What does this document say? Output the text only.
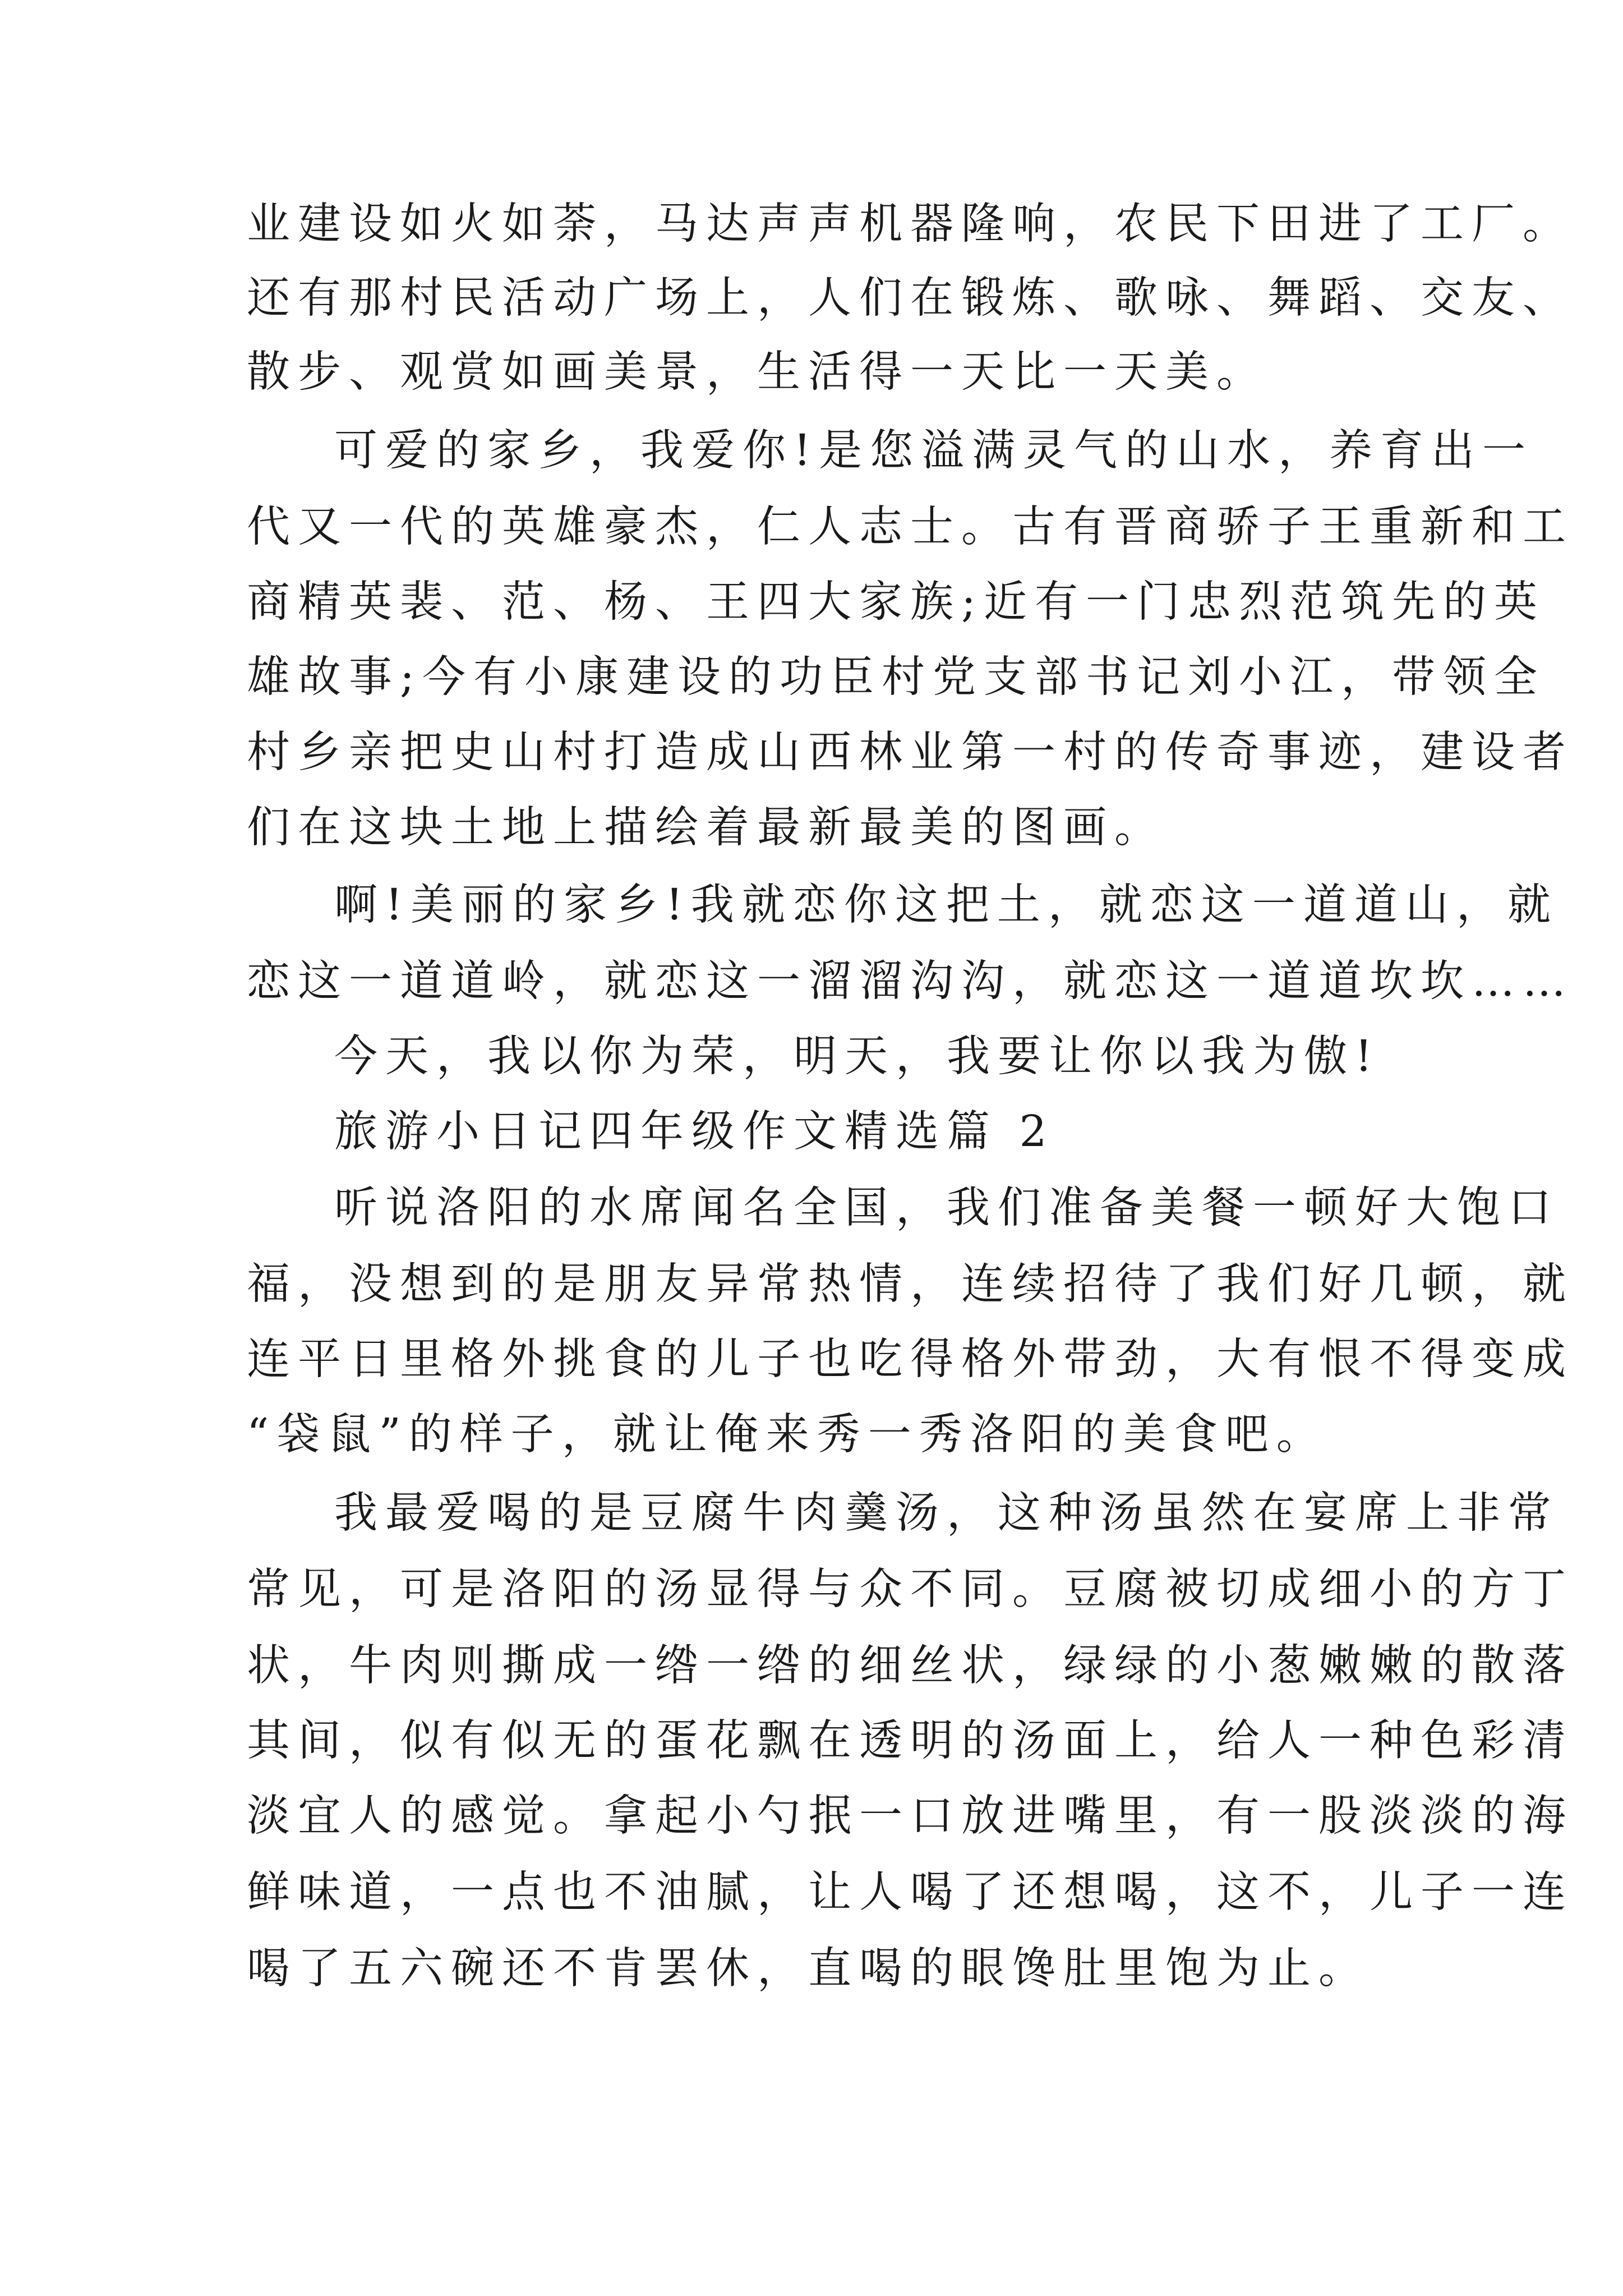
业建设如火如荼，马达声声机器隆响，农民下田进了工厂。
还有那村民活动广场上，人们在锻炼、歌咏、舞蹈、交友、
散步、观赏如画美景，生活得一天比一天美。
可爱的家乡，我爱你!是您溢满灵气的山水，养育出一
代又一代的英雄豪杰，仁人志士。古有晋商骄子王重新和工
商精英裴、范、杨、王四大家族;近有一门忠烈范筑先的英
雄故事;今有小康建设的功臣村党支部书记刘小江，带领全
村乡亲把史山村打造成山西林业第一村的传奇事迹，建设者
们在这块土地上描绘着最新最美的图画。
啊!美丽的家乡!我就恋你这把土，就恋这一道道山，就
恋这一道道岭，就恋这一溜溜沟沟，就恋这一道道坎坎……
今天，我以你为荣，明天，我要让你以我为傲!
旅游小日记四年级作文精选篇 2
听说洛阳的水席闻名全国，我们准备美餐一顿好大饱口
福，没想到的是朋友异常热情，连续招待了我们好几顿，就
连平日里格外挑食的儿子也吃得格外带劲，大有恨不得变成
“袋鼠”的样子，就让俺来秀一秀洛阳的美食吧。
我最爱喝的是豆腐牛肉羹汤，这种汤虽然在宴席上非常
常见，可是洛阳的汤显得与众不同。豆腐被切成细小的方丁
状，牛肉则撕成一绺一绺的细丝状，绿绿的小葱嫩嫩的散落
其间，似有似无的蛋花飘在透明的汤面上，给人一种色彩清
淡宜人的感觉。拿起小勺抿一口放进嘴里，有一股淡淡的海
鲜味道，一点也不油腻，让人喝了还想喝，这不，儿子一连
喝了五六碗还不肯罢休，直喝的眼馋肚里饱为止。
